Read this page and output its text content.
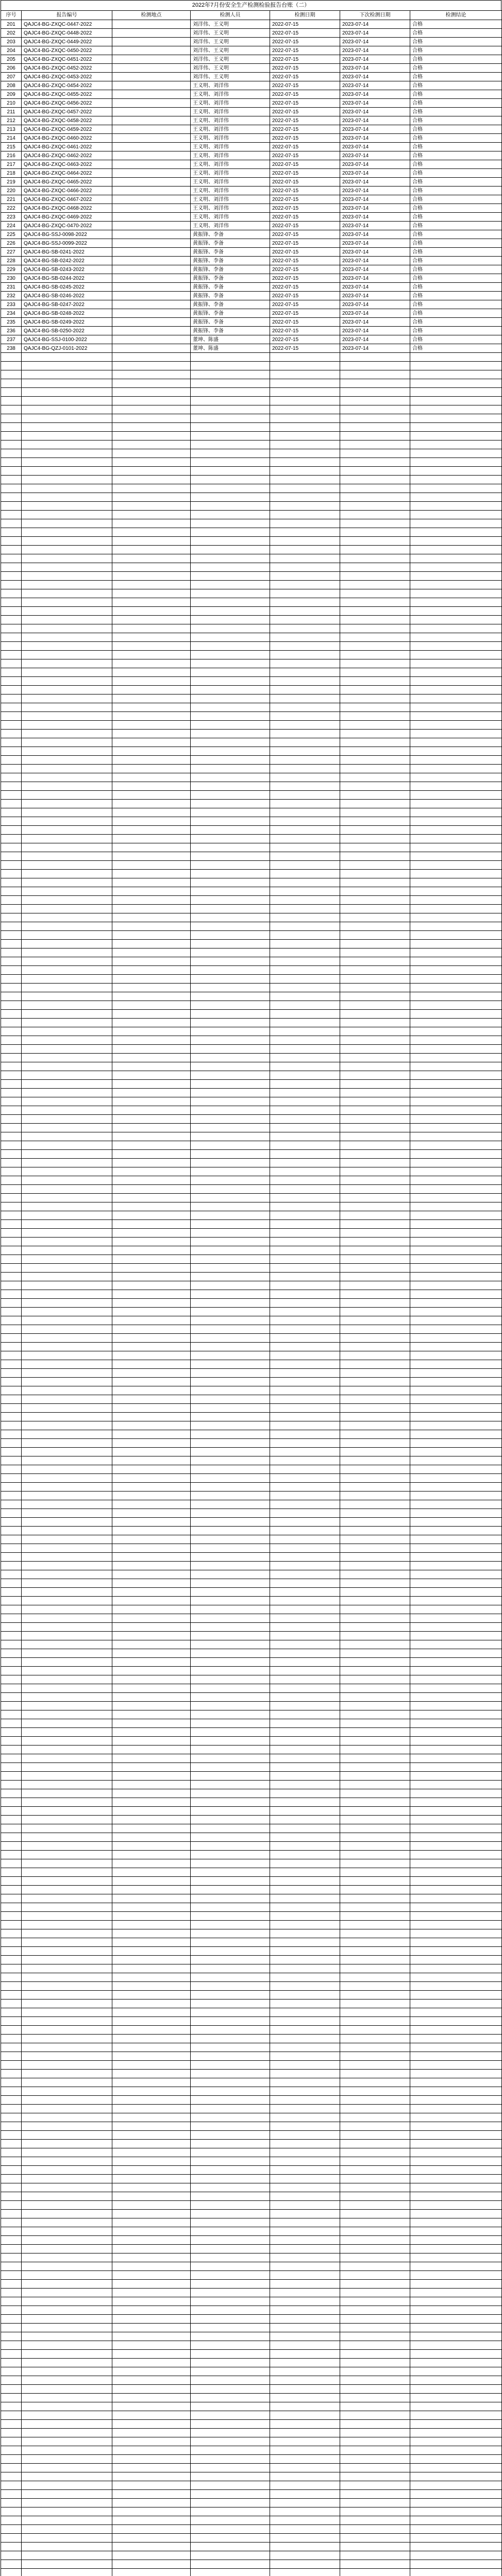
2022年7月份安全生产检测检验报告台账（二）
序号	报告编号	检测地点	检测人员	检测日期	下次检测日期	检测结论
201	QAJC4-BG-ZXQC-0447-2022		刘洋伟、王义明	2022-07-15	2023-07-14	合格
202	QAJC4-BG-ZXQC-0448-2022		刘洋伟、王义明	2022-07-15	2023-07-14	合格
203	QAJC4-BG-ZXQC-0449-2022		刘洋伟、王义明	2022-07-15	2023-07-14	合格
204	QAJC4-BG-ZXQC-0450-2022		刘洋伟、王义明	2022-07-15	2023-07-14	合格
205	QAJC4-BG-ZXQC-0451-2022		刘洋伟、王义明	2022-07-15	2023-07-14	合格
206	QAJC4-BG-ZXQC-0452-2022		刘洋伟、王义明	2022-07-15	2023-07-14	合格
207	QAJC4-BG-ZXQC-0453-2022		刘洋伟、王义明	2022-07-15	2023-07-14	合格
208	QAJC4-BG-ZXQC-0454-2022		王义明、刘洋伟	2022-07-15	2023-07-14	合格
209	QAJC4-BG-ZXQC-0455-2022		王义明、刘洋伟	2022-07-15	2023-07-14	合格
210	QAJC4-BG-ZXQC-0456-2022		王义明、刘洋伟	2022-07-15	2023-07-14	合格
211	QAJC4-BG-ZXQC-0457-2022		王义明、刘洋伟	2022-07-15	2023-07-14	合格
212	QAJC4-BG-ZXQC-0458-2022		王义明、刘洋伟	2022-07-15	2023-07-14	合格
213	QAJC4-BG-ZXQC-0459-2022		王义明、刘洋伟	2022-07-15	2023-07-14	合格
214	QAJC4-BG-ZXQC-0460-2022		王义明、刘洋伟	2022-07-15	2023-07-14	合格
215	QAJC4-BG-ZXQC-0461-2022		王义明、刘洋伟	2022-07-15	2023-07-14	合格
216	QAJC4-BG-ZXQC-0462-2022		王义明、刘洋伟	2022-07-15	2023-07-14	合格
217	QAJC4-BG-ZXQC-0463-2022		王义明、刘洋伟	2022-07-15	2023-07-14	合格
218	QAJC4-BG-ZXQC-0464-2022		王义明、刘洋伟	2022-07-15	2023-07-14	合格
219	QAJC4-BG-ZXQC-0465-2022		王义明、刘洋伟	2022-07-15	2023-07-14	合格
220	QAJC4-BG-ZXQC-0466-2022		王义明、刘洋伟	2022-07-15	2023-07-14	合格
221	QAJC4-BG-ZXQC-0467-2022		王义明、刘洋伟	2022-07-15	2023-07-14	合格
222	QAJC4-BG-ZXQC-0468-2022		王义明、刘洋伟	2022-07-15	2023-07-14	合格
223	QAJC4-BG-ZXQC-0469-2022		王义明、刘洋伟	2022-07-15	2023-07-14	合格
224	QAJC4-BG-ZXQC-0470-2022		王义明、刘洋伟	2022-07-15	2023-07-14	合格
225	QAJC4-BG-SSJ-0098-2022		黄振锋、李备	2022-07-15	2023-07-14	合格
226	QAJC4-BG-SSJ-0099-2022		黄振锋、李备	2022-07-15	2023-07-14	合格
227	QAJC4-BG-SB-0241-2022		黄振锋、李备	2022-07-15	2023-07-14	合格
228	QAJC4-BG-SB-0242-2022		黄振锋、李备	2022-07-15	2023-07-14	合格
229	QAJC4-BG-SB-0243-2022		黄振锋、李备	2022-07-15	2023-07-14	合格
230	QAJC4-BG-SB-0244-2022		黄振锋、李备	2022-07-15	2023-07-14	合格
231	QAJC4-BG-SB-0245-2022		黄振锋、李备	2022-07-15	2023-07-14	合格
232	QAJC4-BG-SB-0246-2022		黄振锋、李备	2022-07-15	2023-07-14	合格
233	QAJC4-BG-SB-0247-2022		黄振锋、李备	2022-07-15	2023-07-14	合格
234	QAJC4-BG-SB-0248-2022		黄振锋、李备	2022-07-15	2023-07-14	合格
235	QAJC4-BG-SB-0249-2022		黄振锋、李备	2022-07-15	2023-07-14	合格
236	QAJC4-BG-SB-0250-2022		黄振锋、李备	2022-07-15	2023-07-14	合格
237	QAJC4-BG-SSJ-0100-2022		董坤、陈盛	2022-07-15	2023-07-14	合格
238	QAJC4-BG-QZJ-0101-2022		董坤、陈盛	2022-07-15	2023-07-14	合格
